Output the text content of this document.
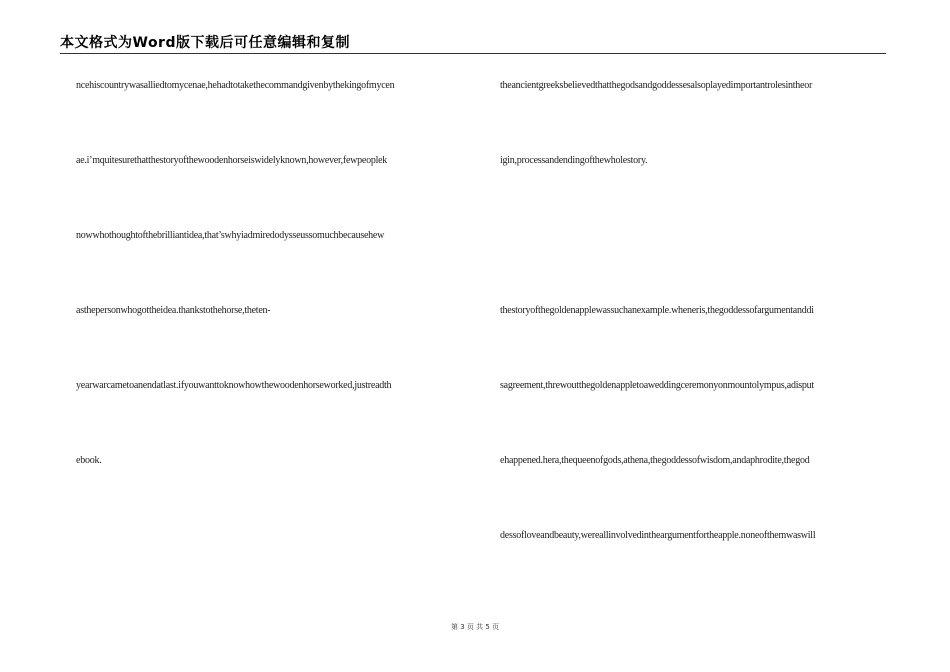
本文格式为Word版下载后可任意编辑和复制
ncehiscountrywasalliedtomycenae,hehadtotakethecommandgivenbythekingofmycen
ae.i’mquitesurethatthestoryofthewoodenhorseiswidelyknown,however,fewpeoplek
nowwhothoughtofthebrilliantidea,that’swhyiadmiredodysseussomuchbecausehew
asthepersonwhogottheidea.thankstothehorse,theten-
yearwarcametoanendatlast.ifyouwanttoknowhowthewoodenhorseworked,justreadth
ebook.
theancientgreeksbelievedthatthegodsandgoddessesalsoplayedimportantrolesintheor
igin,processandendingofthewholestory.
thestoryofthegoldenapplewassuchanexample.wheneris,thegoddessofargumentanddi
sagreement,threwoutthegoldenappletoaweddingceremonyonmountolympus,adisput
ehappened.hera,thequeenofgods,athena,thegoddessofwisdom,andaphrodite,thegod
dessofloveandbeauty,wereallinvolvedintheargumentfortheapple.noneofthemwaswill
第 3 页 共 5 页
